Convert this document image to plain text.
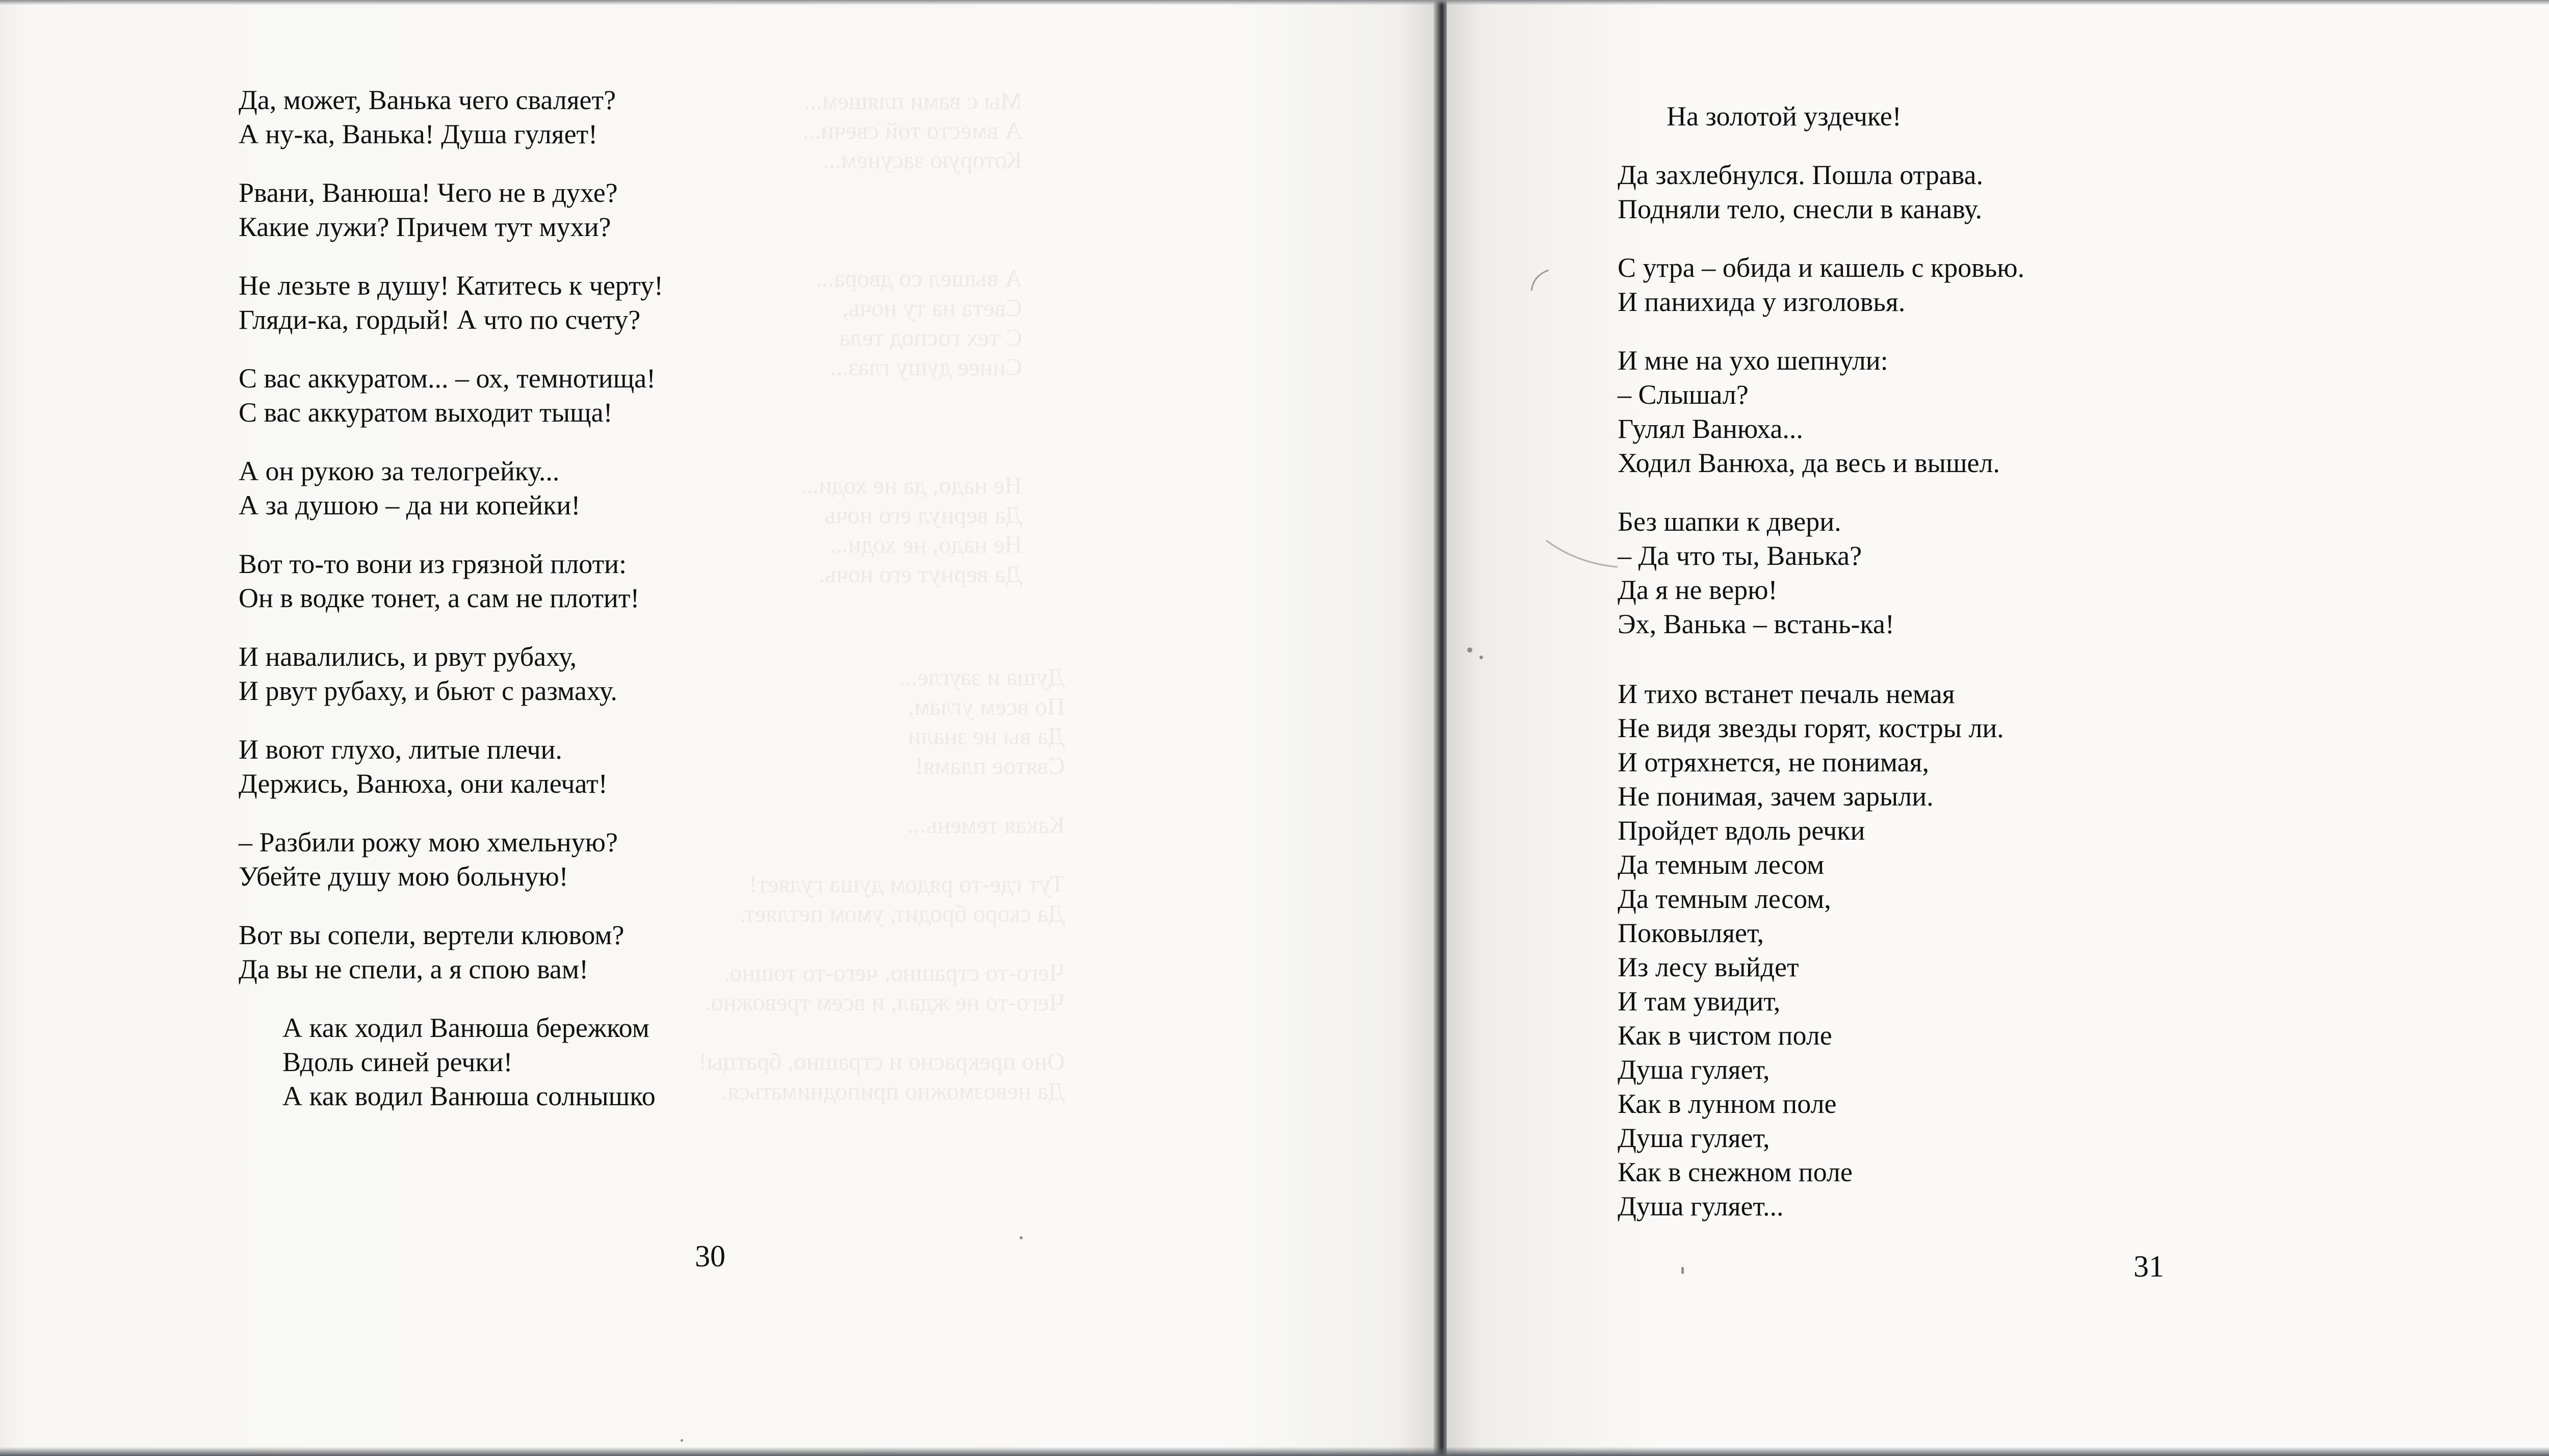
Мы с вами пляшем...
А вместо той свечи...
Которую засунем...

А вышел со двора...
Света на ту ночь,
С тех господ тела
Синее душу глаз...

Не надо, да не ходи...
Да вернул его ночь
Не надо, не ходи...
Да вернут его ночь.
Душа и заугле...
По всем углам,
Да вы не знали
Святое пламя!

Какая темень...

Тут где-то рядом душа гуляет!
Да скоро бродит, умом петляет.

Чего-то страшно, чего-то тошно.
Чего-то не ждал, и всем тревожно.

Оно прекрасно и страшно, братцы!
Да невозможно приподниматься.
Да, может, Ванька чего сваляет?
А ну-ка, Ванька! Душа гуляет!
Рвани, Ванюша! Чего не в духе?
Какие лужи? Причем тут мухи?
Не лезьте в душу! Катитесь к черту!
Гляди-ка, гордый! А что по счету?
С вас аккуратом... – ох, темнотища!
С вас аккуратом выходит тыща!
А он рукою за телогрейку...
А за душою – да ни копейки!
Вот то-то вони из грязной плоти:
Он в водке тонет, а сам не плотит!
И навалились, и рвут рубаху,
И рвут рубаху, и бьют с размаху.
И воют глухо, литые плечи.
Держись, Ванюха, они калечат!
– Разбили рожу мою хмельную?
Убейте душу мою больную!
Вот вы сопели, вертели клювом?
Да вы не спели, а я спою вам!
А как ходил Ванюша бережком
Вдоль синей речки!
А как водил Ванюша солнышко
30
На золотой уздечке!
Да захлебнулся. Пошла отрава.
Подняли тело, снесли в канаву.
С утра – обида и кашель с кровью.
И панихида у изголовья.
И мне на ухо шепнули:
– Слышал?
Гулял Ванюха...
Ходил Ванюха, да весь и вышел.
Без шапки к двери.
– Да что ты, Ванька?
Да я не верю!
Эх, Ванька – встань-ка!
И тихо встанет печаль немая
Не видя звезды горят, костры ли.
И отряхнется, не понимая,
Не понимая, зачем зарыли.
Пройдет вдоль речки
Да темным лесом
Да темным лесом,
Поковыляет,
Из лесу выйдет
И там увидит,
Как в чистом поле
Душа гуляет,
Как в лунном поле
Душа гуляет,
Как в снежном поле
Душа гуляет...
31
